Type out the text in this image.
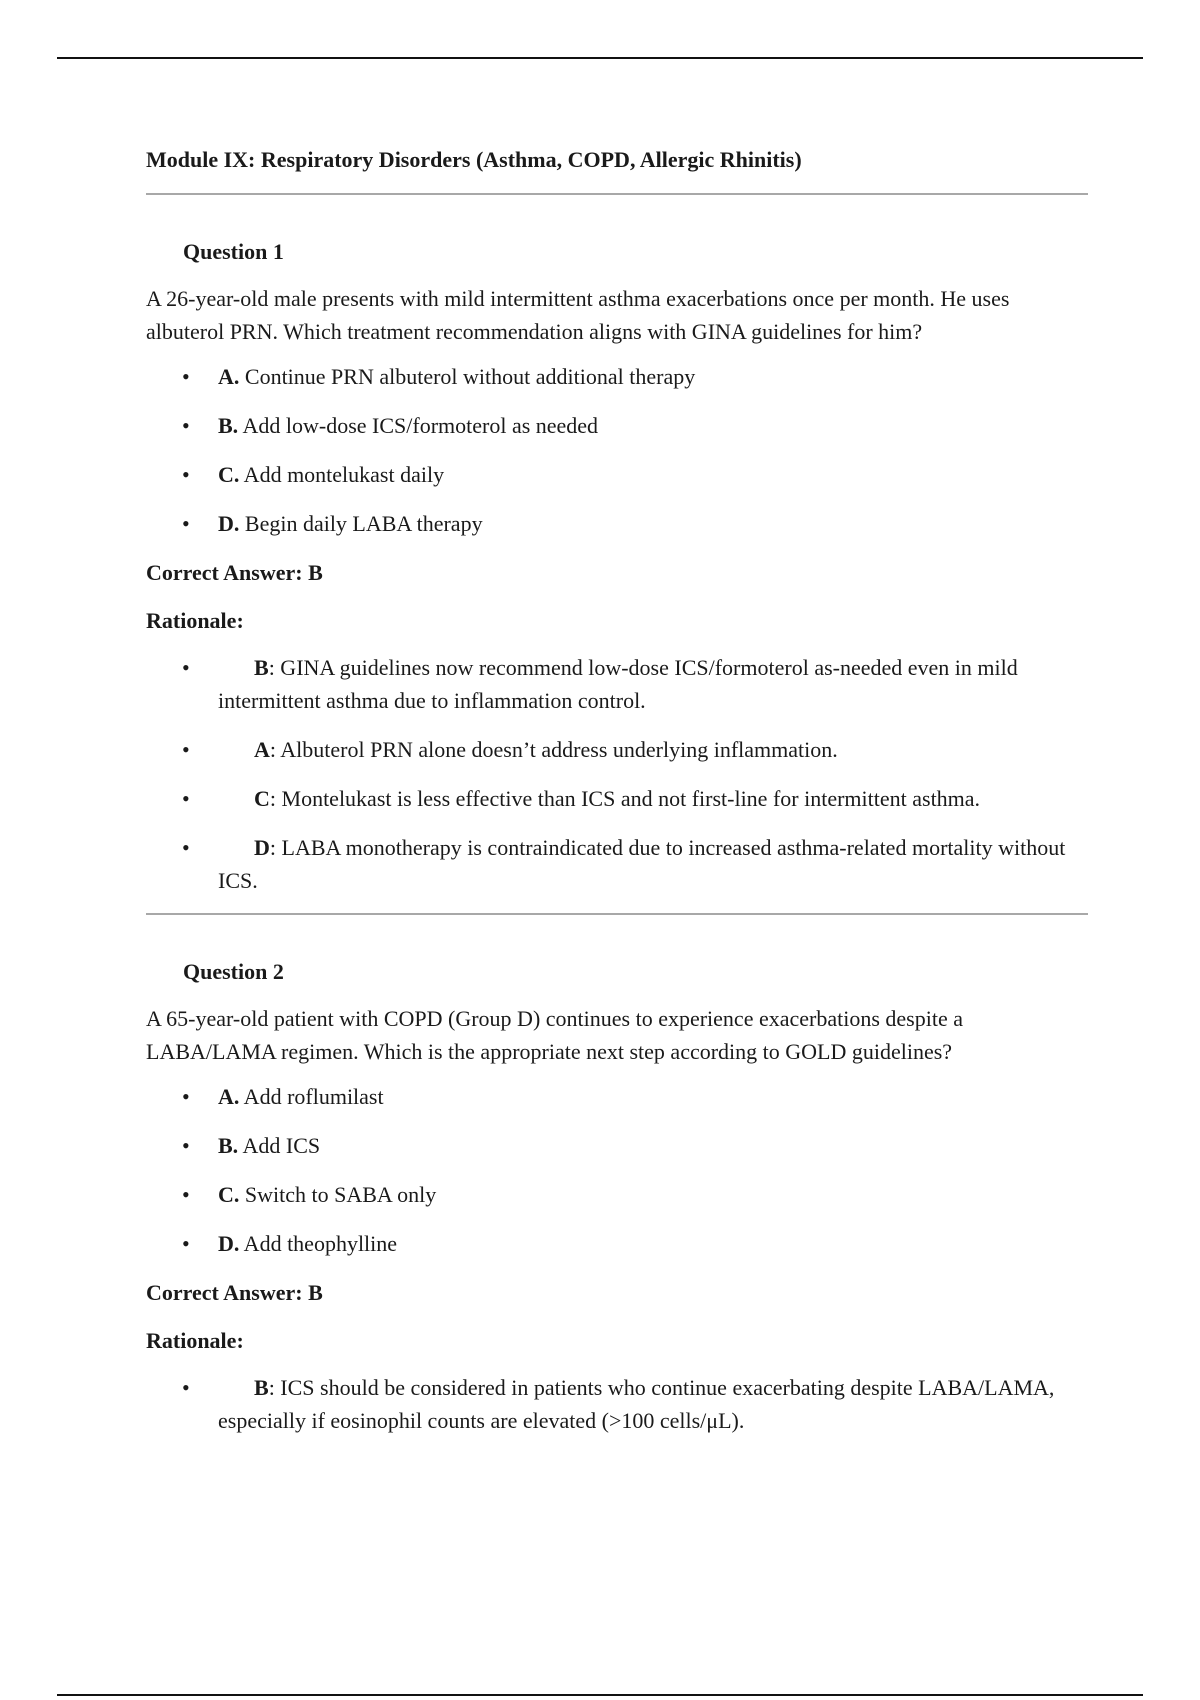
Module IX: Respiratory Disorders (Asthma, COPD, Allergic Rhinitis)

Question 1

A 26-year-old male presents with mild intermittent asthma exacerbations once per month. He uses albuterol PRN. Which treatment recommendation aligns with GINA guidelines for him?

• A. Continue PRN albuterol without additional therapy
• B. Add low-dose ICS/formoterol as needed
• C. Add montelukast daily
• D. Begin daily LABA therapy

Correct Answer: B

Rationale:

• B: GINA guidelines now recommend low-dose ICS/formoterol as-needed even in mild intermittent asthma due to inflammation control.
• A: Albuterol PRN alone doesn’t address underlying inflammation.
• C: Montelukast is less effective than ICS and not first-line for intermittent asthma.
• D: LABA monotherapy is contraindicated due to increased asthma-related mortality without ICS.

Question 2

A 65-year-old patient with COPD (Group D) continues to experience exacerbations despite a LABA/LAMA regimen. Which is the appropriate next step according to GOLD guidelines?

• A. Add roflumilast
• B. Add ICS
• C. Switch to SABA only
• D. Add theophylline

Correct Answer: B

Rationale:

• B: ICS should be considered in patients who continue exacerbating despite LABA/LAMA, especially if eosinophil counts are elevated (>100 cells/μL).
